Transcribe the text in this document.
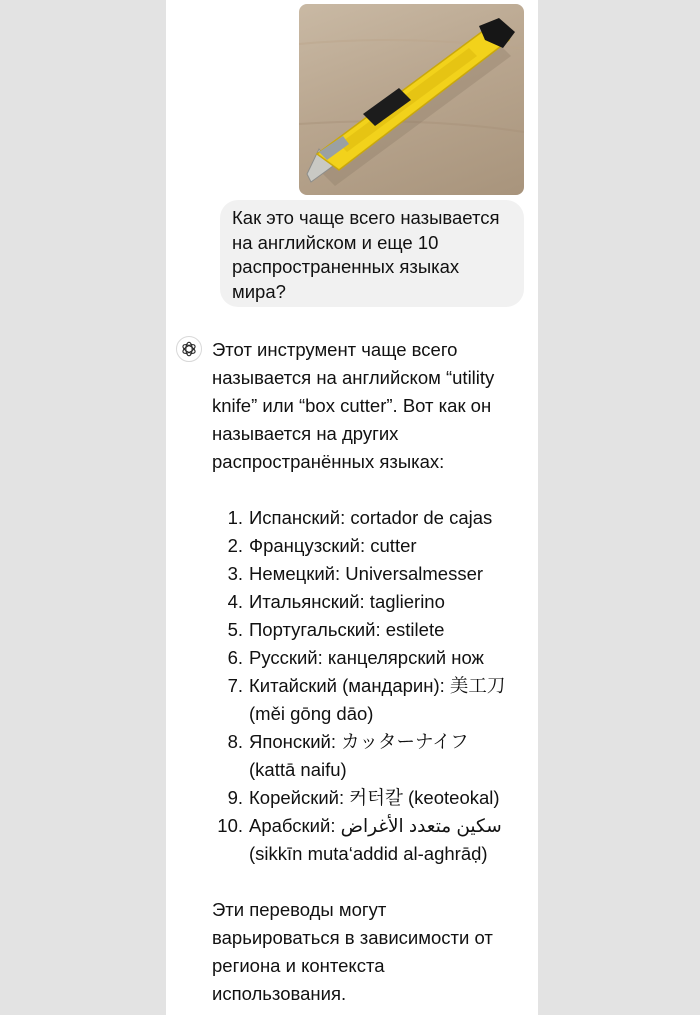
Как это чаще всего называется
на английском и еще 10
распространенных языках
мира?
Этот инструмент чаще всего
называется на английском “utility
knife” или “box cutter”. Вот как он
называется на других
распространённых языках:
1. Испанский: cortador de cajas
2. Французский: cutter
3. Немецкий: Universalmesser
4. Итальянский: taglierino
5. Португальский: estilete
6. Русский: канцелярский нож
7. Китайский (мандарин): 美工刀
(měi gōng dāo)
8. Японский: カッターナイフ
(kattā naifu)
9. Корейский: 커터칼 (keoteokal)
10. Арабский: سكين متعدد الأغراض
(sikkīn muta‘addid al-aghrāḍ)
Эти переводы могут
варьироваться в зависимости от
региона и контекста
использования.
